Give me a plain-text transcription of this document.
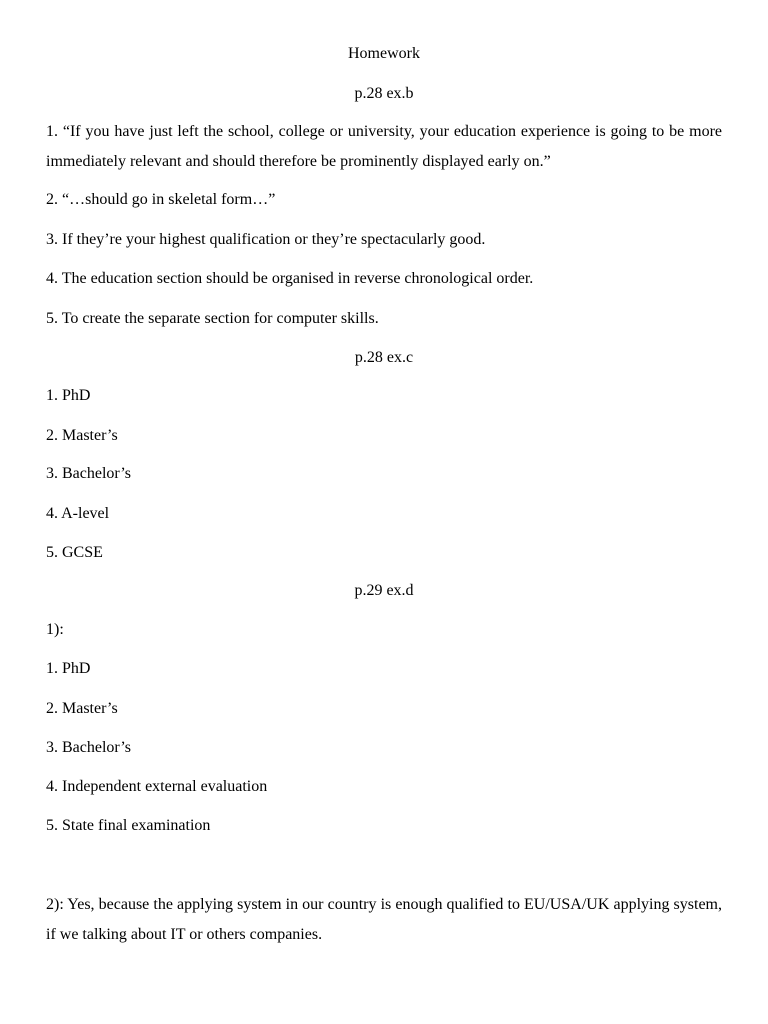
Homework

p.28 ex.b

1. “If you have just left the school, college or university, your education experience is going to be more immediately relevant and should therefore be prominently displayed early on.”

2. “…should go in skeletal form…”

3. If they’re your highest qualification or they’re spectacularly good.

4. The education section should be organised in reverse chronological order.

5. To create the separate section for computer skills.

p.28 ex.c

1. PhD

2. Master’s

3. Bachelor’s

4. A-level

5. GCSE

p.29 ex.d

1):

1. PhD

2. Master’s

3. Bachelor’s

4. Independent external evaluation

5. State final examination

2): Yes, because the applying system in our country is enough qualified to EU/USA/UK applying system, if we talking about IT or others companies.
